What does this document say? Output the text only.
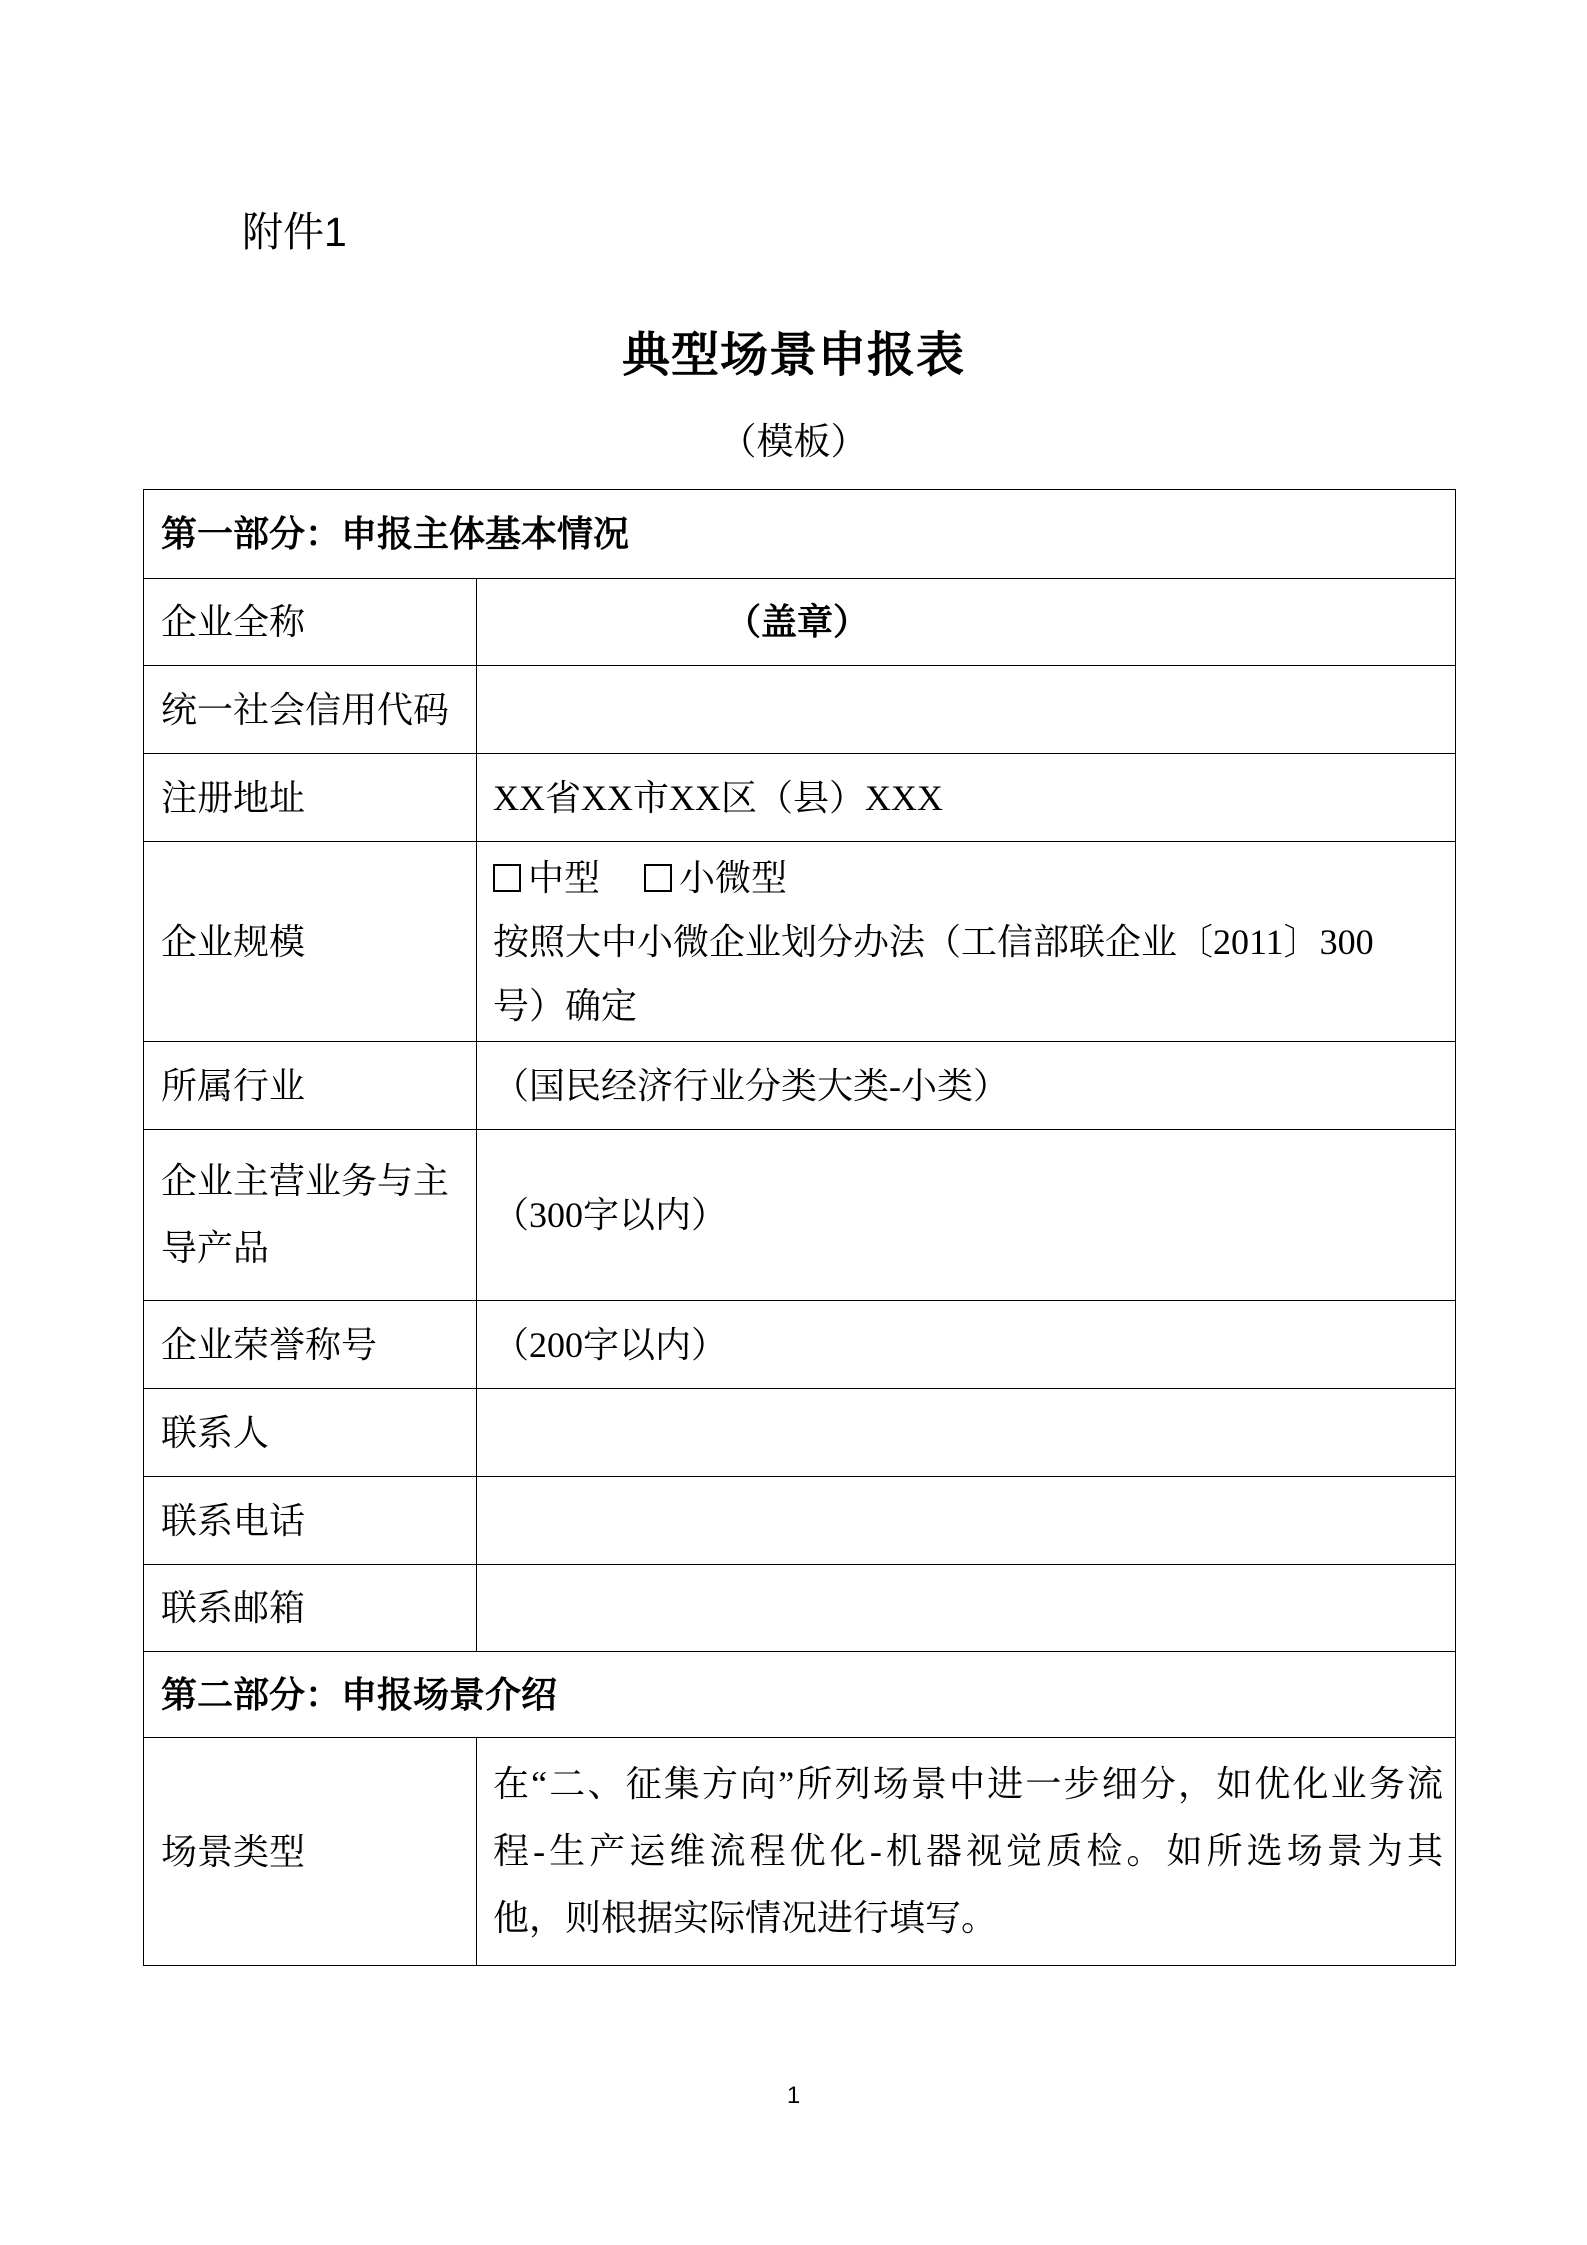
附件1
典型场景申报表
（模板）
第一部分：申报主体基本情况	
企业全称	（盖章）
统一社会信用代码	
注册地址	XX省XX市XX区（县）XXX
企业规模	中型 小微型
按照大中小微企业划分办法（工信部联企业〔2011〕300
号）确定

所属行业	（国民经济行业分类大类-小类）

企业主营业务与主
导产品	（300字以内）
企业荣誉称号	（200字以内）
联系人	
联系电话	
联系邮箱	
第二部分：申报场景介绍	
场景类型	在“二、征集方向”所列场景中进一步细分，如优化业务流
程-生产运维流程优化-机器视觉质检。如所选场景为其
他，则根据实际情况进行填写。
1
